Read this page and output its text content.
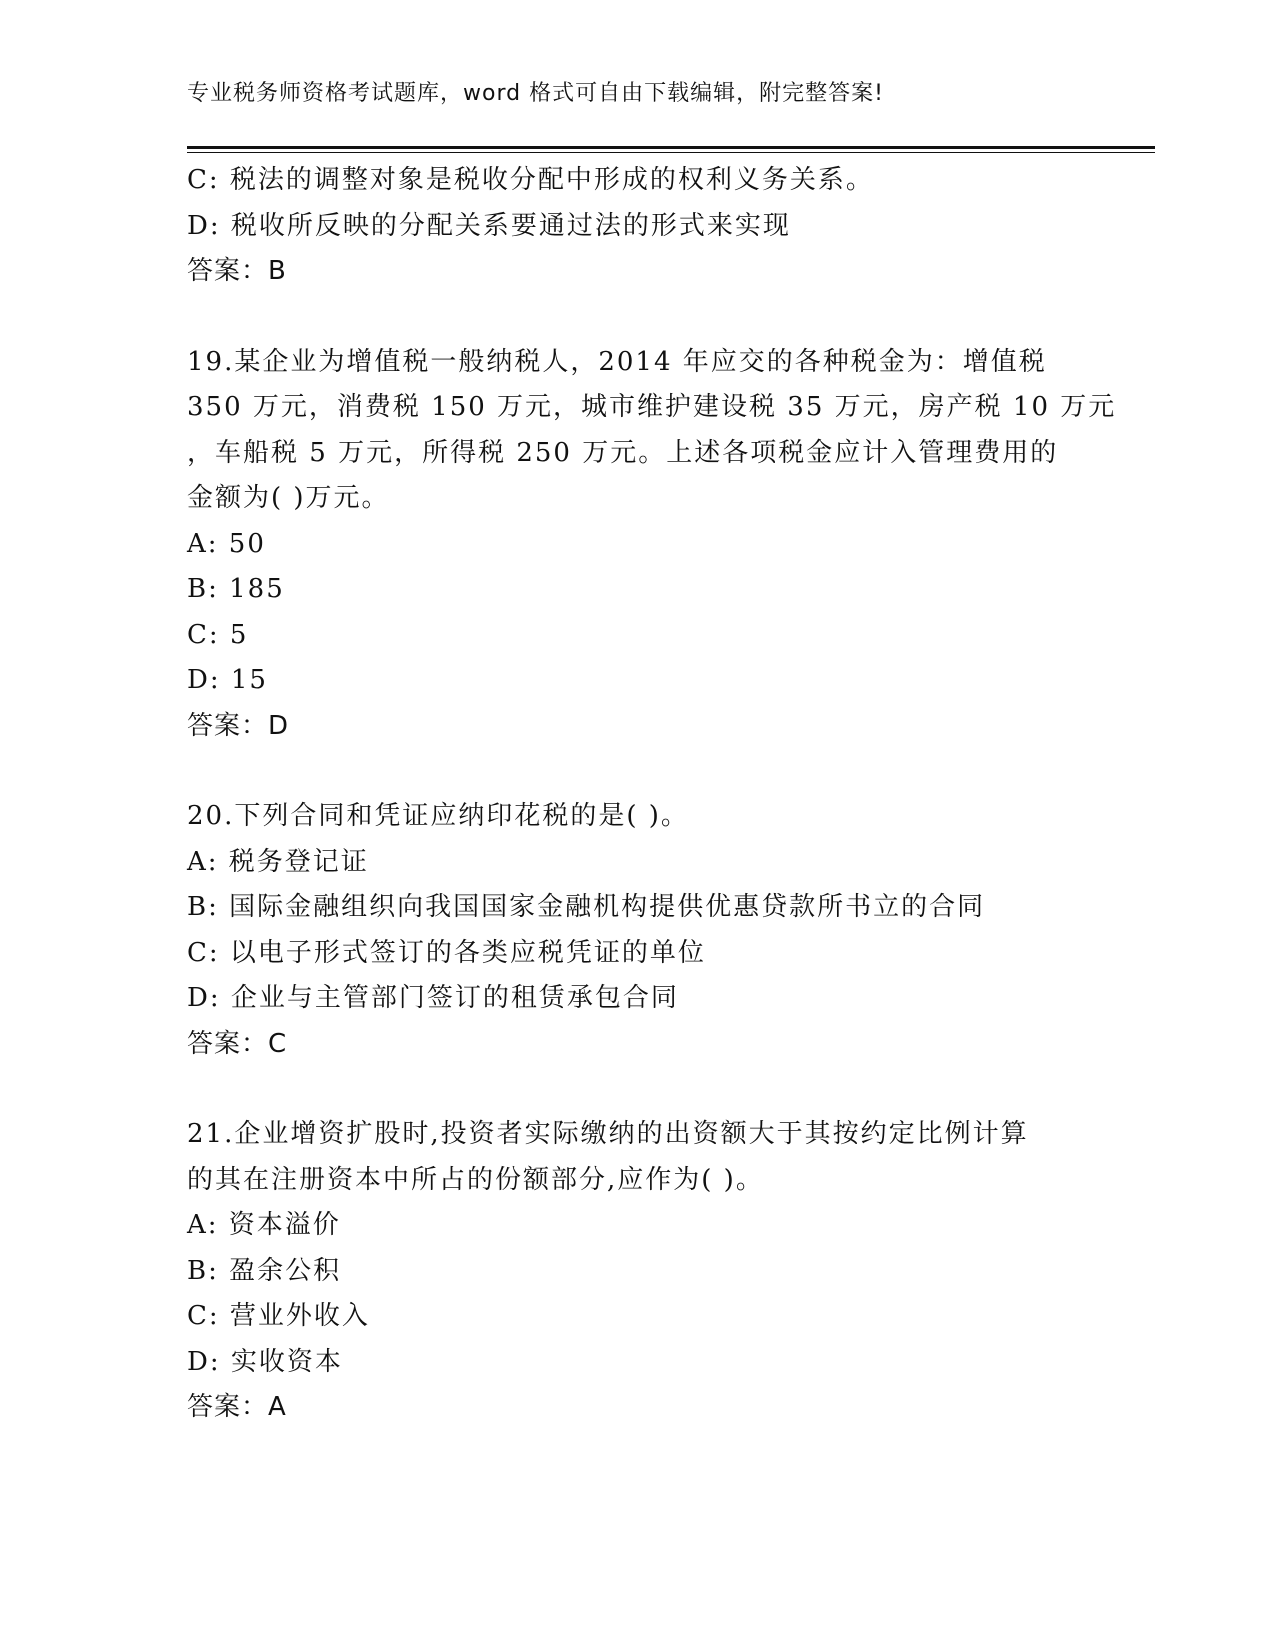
专业税务师资格考试题库，word 格式可自由下载编辑，附完整答案!

C: 税法的调整对象是税收分配中形成的权利义务关系。

D: 税收所反映的分配关系要通过法的形式来实现

答案：B

19.某企业为增值税一般纳税人，2014 年应交的各种税金为：增值税

350 万元，消费税 150 万元，城市维护建设税 35 万元，房产税 10 万元

，车船税 5 万元，所得税 250 万元。上述各项税金应计入管理费用的

金额为( )万元。

A: 50

B: 185

C: 5

D: 15

答案：D

20.下列合同和凭证应纳印花税的是( )。

A: 税务登记证

B: 国际金融组织向我国国家金融机构提供优惠贷款所书立的合同

C: 以电子形式签订的各类应税凭证的单位

D: 企业与主管部门签订的租赁承包合同

答案：C

21.企业增资扩股时,投资者实际缴纳的出资额大于其按约定比例计算

的其在注册资本中所占的份额部分,应作为( )。

A: 资本溢价

B: 盈余公积

C: 营业外收入

D: 实收资本

答案：A
